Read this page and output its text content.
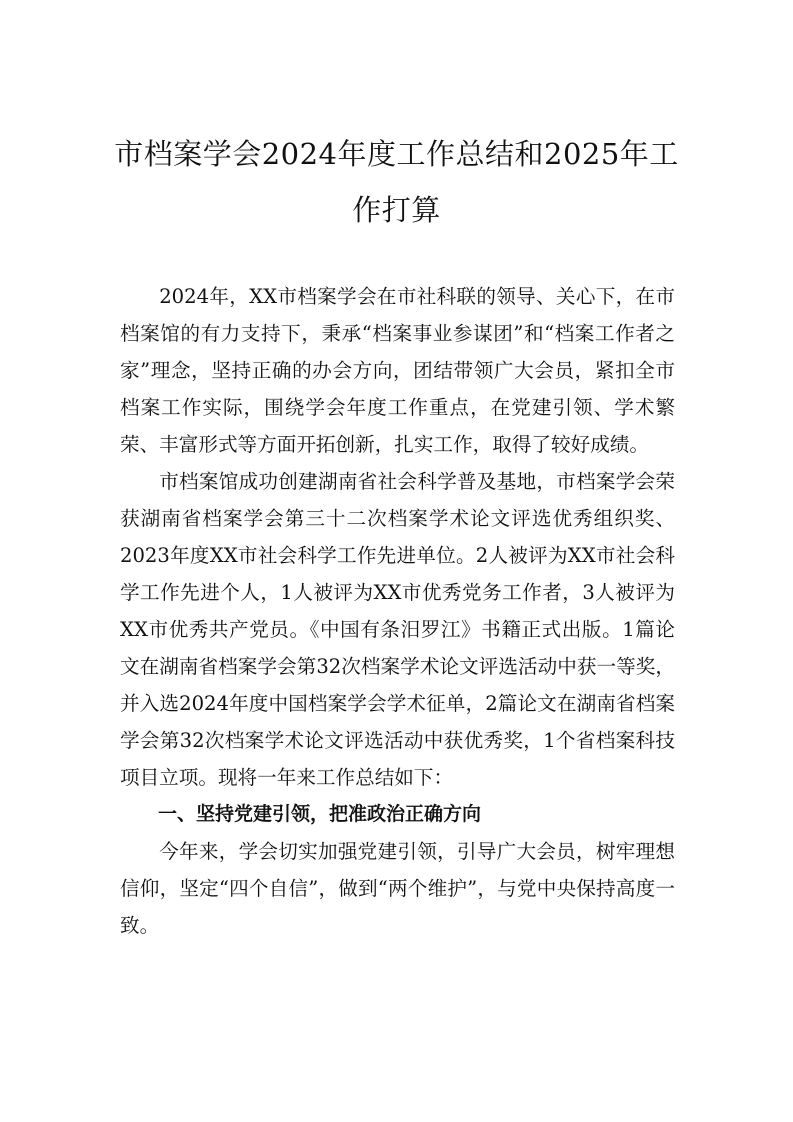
市档案学会2024年度工作总结和2025年工作打算

2024年，XX市档案学会在市社科联的领导、关心下，在市档案馆的有力支持下，秉承“档案事业参谋团”和“档案工作者之家”理念，坚持正确的办会方向，团结带领广大会员，紧扣全市档案工作实际，围绕学会年度工作重点，在党建引领、学术繁荣、丰富形式等方面开拓创新，扎实工作，取得了较好成绩。

市档案馆成功创建湖南省社会科学普及基地，市档案学会荣获湖南省档案学会第三十二次档案学术论文评选优秀组织奖、2023年度XX市社会科学工作先进单位。2人被评为XX市社会科学工作先进个人，1人被评为XX市优秀党务工作者，3人被评为XX市优秀共产党员。《中国有条汨罗江》书籍正式出版。1篇论文在湖南省档案学会第32次档案学术论文评选活动中获一等奖，并入选2024年度中国档案学会学术征单，2篇论文在湖南省档案学会第32次档案学术论文评选活动中获优秀奖，1个省档案科技项目立项。现将一年来工作总结如下：

一、坚持党建引领，把准政治正确方向

今年来，学会切实加强党建引领，引导广大会员，树牢理想信仰，坚定“四个自信”，做到“两个维护”，与党中央保持高度一致。
